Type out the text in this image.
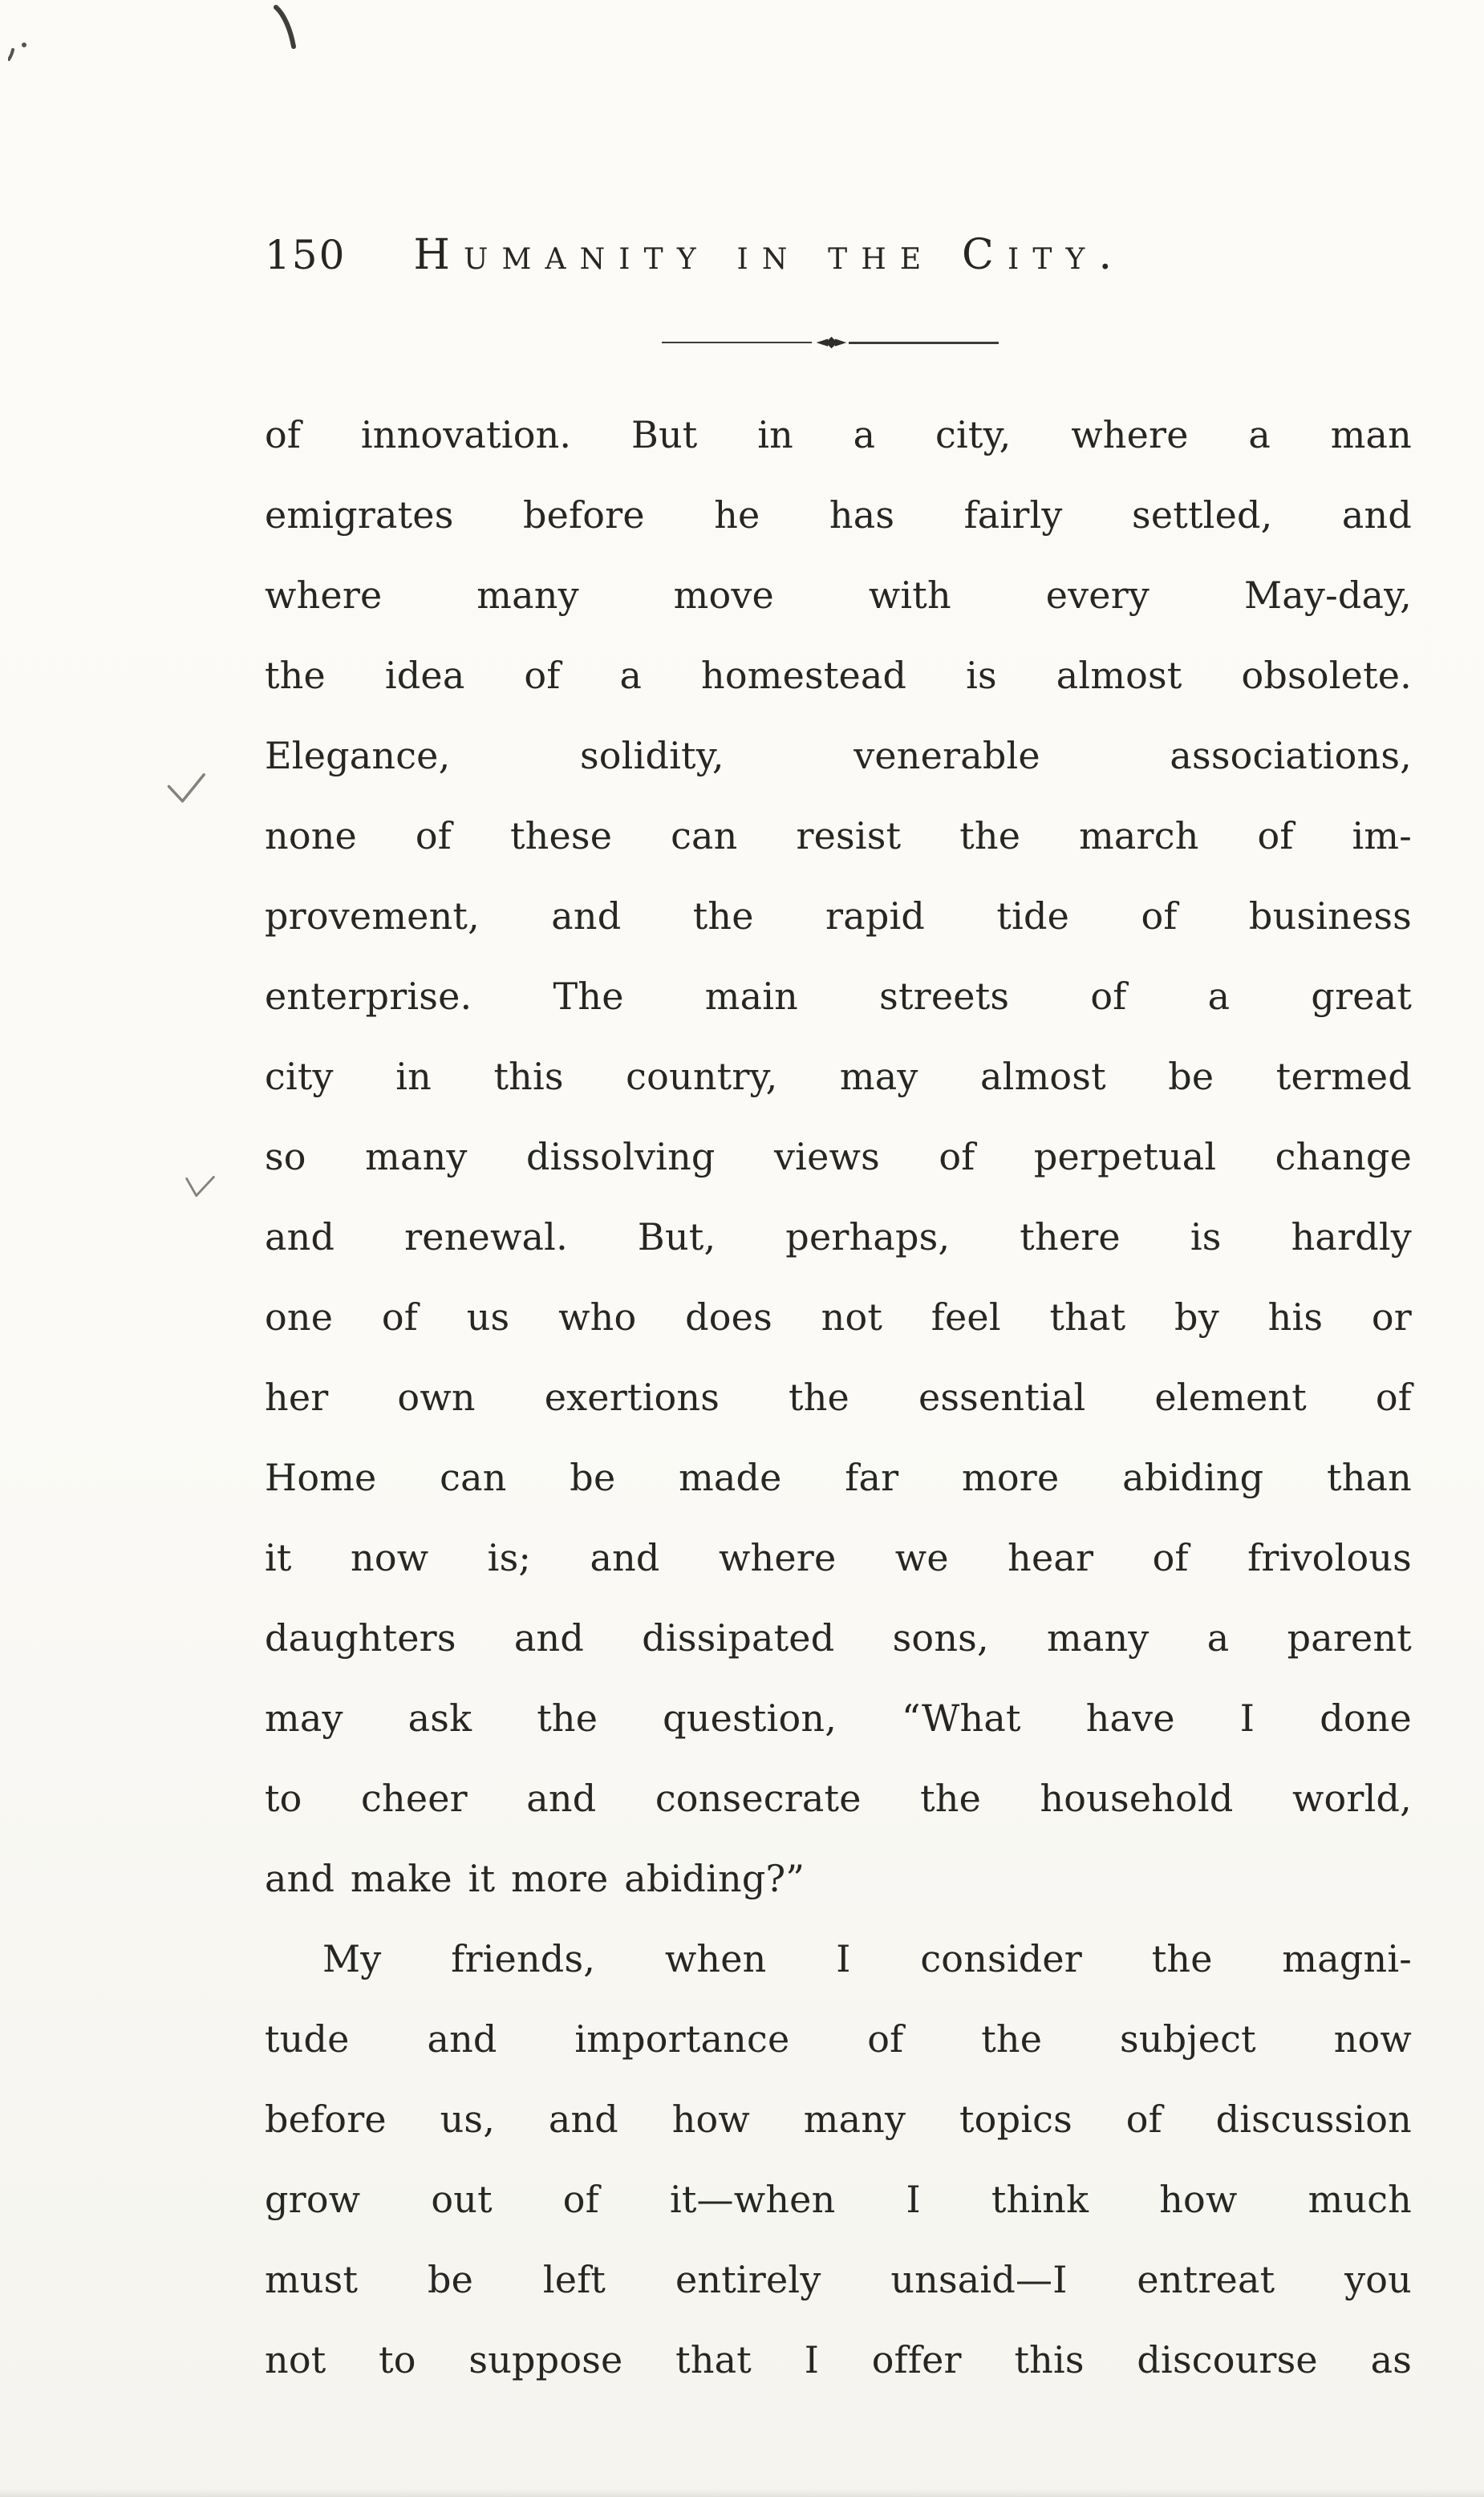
150 Humanity in the City.
◄◆►
of innovation. But in a city, where a man
emigrates before he has fairly settled, and
where many move with every May-day,
the idea of a homestead is almost obsolete.
Elegance, solidity, venerable associations,
none of these can resist the march of im-
provement, and the rapid tide of business
enterprise. The main streets of a great
city in this country, may almost be termed
so many dissolving views of perpetual change
and renewal. But, perhaps, there is hardly
one of us who does not feel that by his or
her own exertions the essential element of
Home can be made far more abiding than
it now is; and where we hear of frivolous
daughters and dissipated sons, many a parent
may ask the question, “What have I done
to cheer and consecrate the household world,
and make it more abiding?”
My friends, when I consider the magni-
tude and importance of the subject now
before us, and how many topics of discussion
grow out of it—when I think how much
must be left entirely unsaid—I entreat you
not to suppose that I offer this discourse as
